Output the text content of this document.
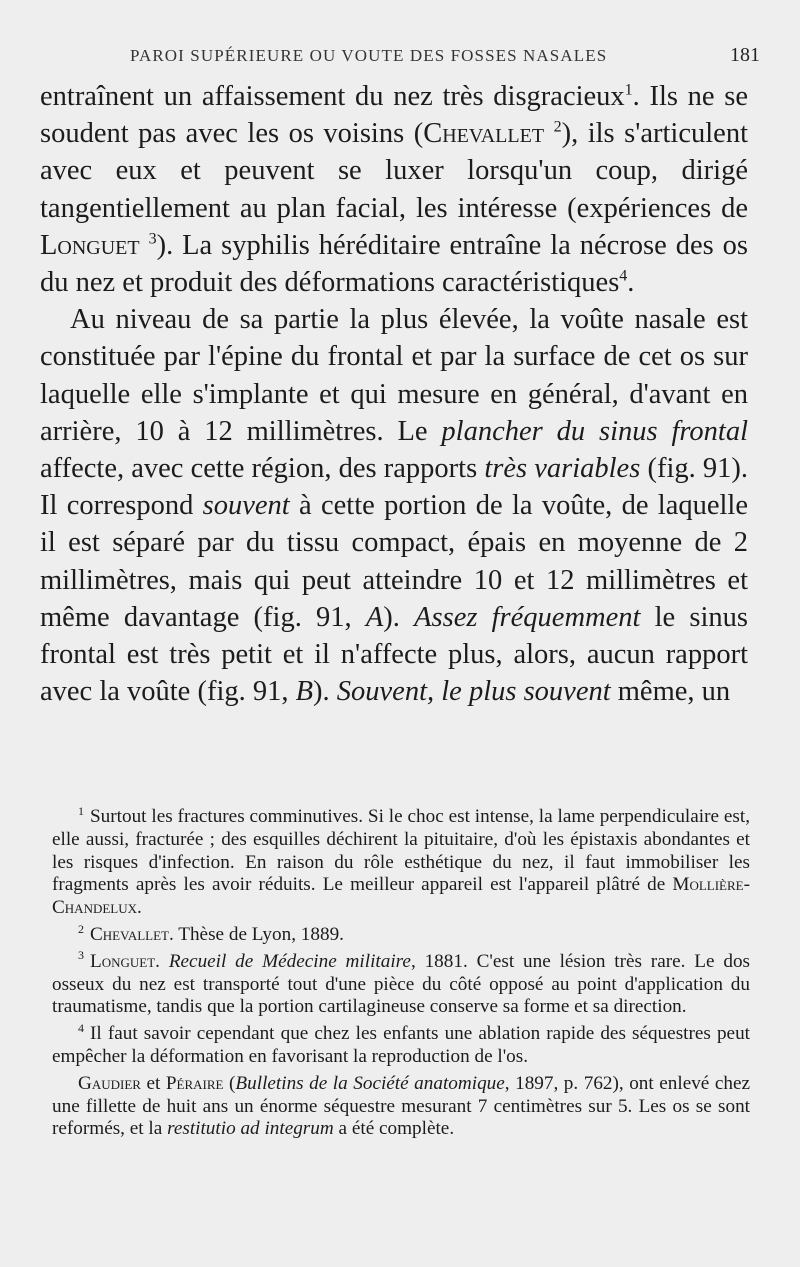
PAROI SUPÉRIEURE OU VOUTE DES FOSSES NASALES	181

entraînent un affaissement du nez très disgracieux$^1$. Ils ne se soudent pas avec les os voisins (Chevallet $^2$), ils s'articulent avec eux et peuvent se luxer lorsqu'un coup, dirigé tangentiellement au plan facial, les intéresse (expériences de Longuet $^3$). La syphilis héréditaire entraîne la nécrose des os du nez et produit des déformations caractéristiques$^4$.

Au niveau de sa partie la plus élevée, la voûte nasale est constituée par l'épine du frontal et par la surface de cet os sur laquelle elle s'implante et qui mesure en général, d'avant en arrière, 10 à 12 millimètres. Le plancher du sinus frontal affecte, avec cette région, des rapports très variables (fig. 91). Il correspond souvent à cette portion de la voûte, de laquelle il est séparé par du tissu compact, épais en moyenne de 2 millimètres, mais qui peut atteindre 10 et 12 millimètres et même davantage (fig. 91, A). Assez fréquemment le sinus frontal est très petit et il n'affecte plus, alors, aucun rapport avec la voûte (fig. 91, B). Souvent, le plus souvent même, un

$^1$ Surtout les fractures comminutives. Si le choc est intense, la lame perpendiculaire est, elle aussi, fracturée ; des esquilles déchirent la pituitaire, d'où les épistaxis abondantes et les risques d'infection. En raison du rôle esthétique du nez, il faut immobiliser les fragments après les avoir réduits. Le meilleur appareil est l'appareil plâtré de Mollière-Chandelux.

$^2$ Chevallet. Thèse de Lyon, 1889.

$^3$ Longuet. Recueil de Médecine militaire, 1881. C'est une lésion très rare. Le dos osseux du nez est transporté tout d'une pièce du côté opposé au point d'application du traumatisme, tandis que la portion cartilagineuse conserve sa forme et sa direction.

$^4$ Il faut savoir cependant que chez les enfants une ablation rapide des séquestres peut empêcher la déformation en favorisant la reproduction de l'os.

Gaudier et Péraire (Bulletins de la Société anatomique, 1897, p. 762), ont enlevé chez une fillette de huit ans un énorme séquestre mesurant 7 centimètres sur 5. Les os se sont reformés, et la restitutio ad integrum a été complète.
